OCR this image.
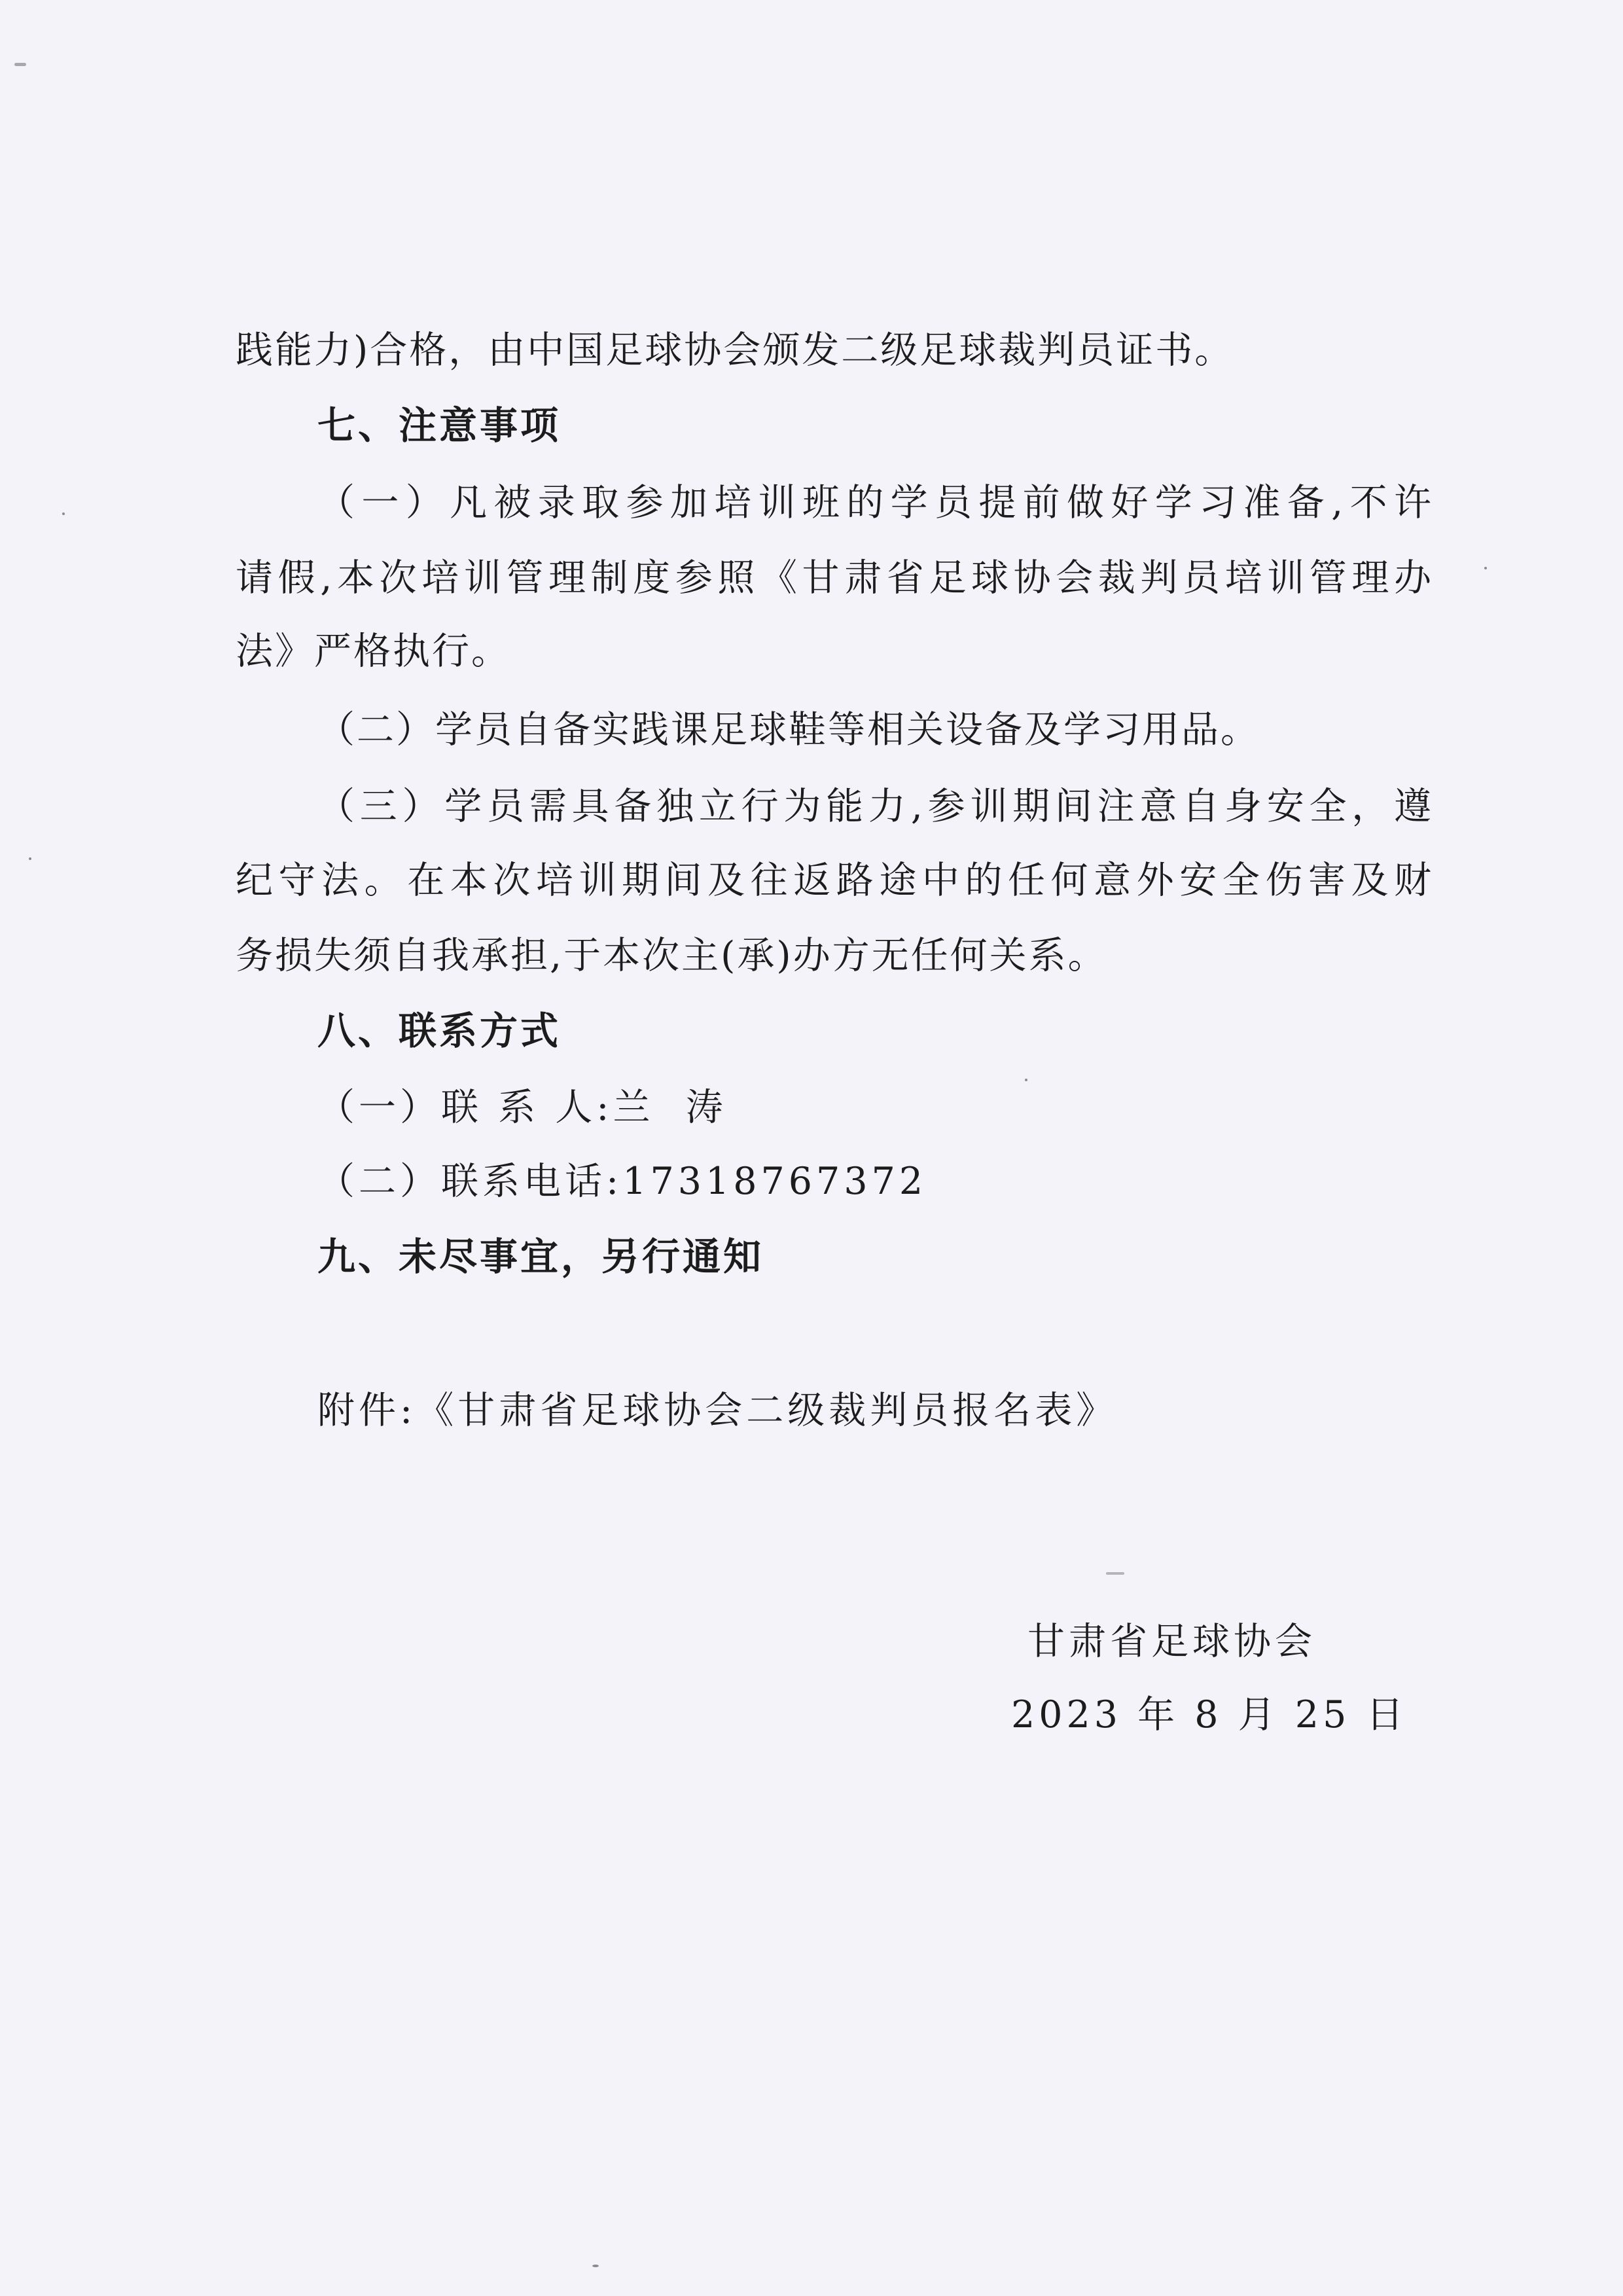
践能力)合格，由中国足球协会颁发二级足球裁判员证书。
七、注意事项
（一）凡被录取参加培训班的学员提前做好学习准备,不许
请假,本次培训管理制度参照《甘肃省足球协会裁判员培训管理办
法》严格执行。
（二）学员自备实践课足球鞋等相关设备及学习用品。
（三）学员需具备独立行为能力,参训期间注意自身安全，遵
纪守法。在本次培训期间及往返路途中的任何意外安全伤害及财
务损失须自我承担,于本次主(承)办方无任何关系。
八、联系方式
（一）联 系 人:兰  涛
（二）联系电话:17318767372
九、未尽事宜，另行通知
附件:《甘肃省足球协会二级裁判员报名表》
甘肃省足球协会
2023 年 8 月 25 日
